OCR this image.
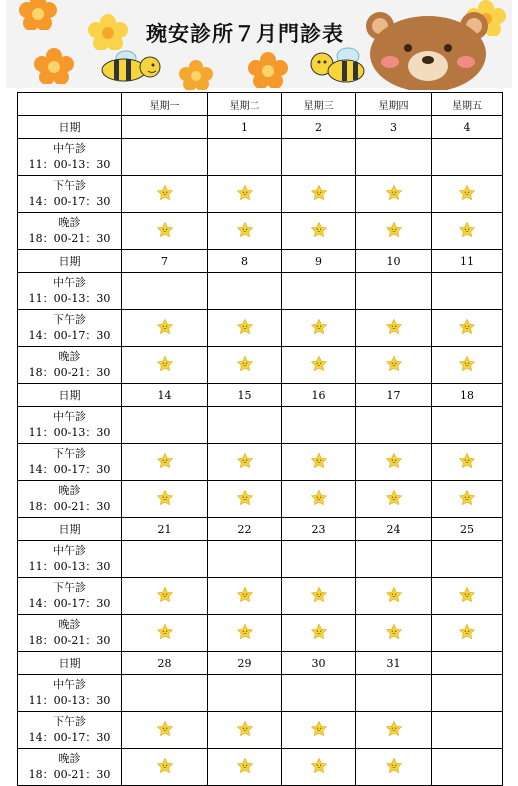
琬安診所７月門診表
	星期一	星期二	星期三	星期四	星期五
日期		1	2	3	4

中午診
11：00-13：30					

下午診
14：00-17：30

晚診
18：00-21：30

日期	7	8	9	10	11

中午診
11：00-13：30					

下午診
14：00-17：30

晚診
18：00-21：30

日期	14	15	16	17	18

中午診
11：00-13：30					

下午診
14：00-17：30

晚診
18：00-21：30

日期	21	22	23	24	25

中午診
11：00-13：30					

下午診
14：00-17：30

晚診
18：00-21：30

日期	28	29	30	31	

中午診
11：00-13：30					

下午診
14：00-17：30

晚診
18：00-21：30
